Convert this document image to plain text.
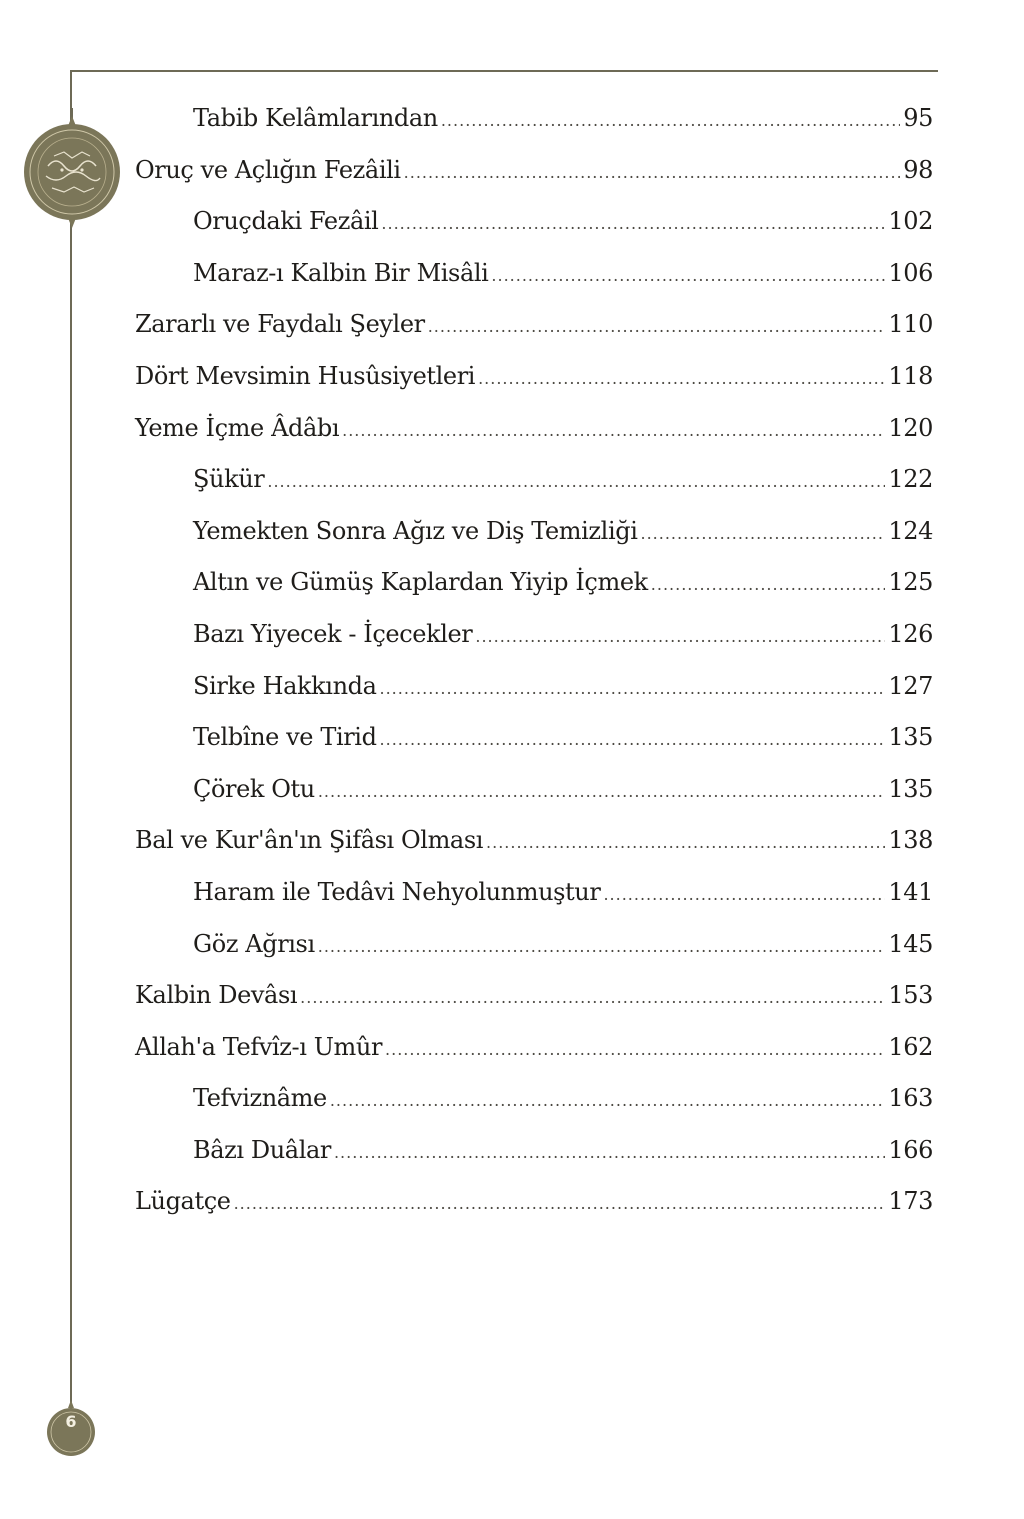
6
Tabib Kelâmlarından .....	95
Oruç ve Açlığın Fezâili .....	98
Oruçdaki Fezâil .....	102
Maraz-ı Kalbin Bir Misâli .....	106
Zararlı ve Faydalı Şeyler .....	110
Dört Mevsimin Husûsiyetleri .....	118
Yeme İçme Âdâbı .....	120
Şükür .....	122
Yemekten Sonra Ağız ve Diş Temizliği .....	124
Altın ve Gümüş Kaplardan Yiyip İçmek .....	125
Bazı Yiyecek - İçecekler .....	126
Sirke Hakkında .....	127
Telbîne ve Tirid .....	135
Çörek Otu .....	135
Bal ve Kur'ân'ın Şifâsı Olması .....	138
Haram ile Tedâvi Nehyolunmuştur .....	141
Göz Ağrısı .....	145
Kalbin Devâsı .....	153
Allah'a Tefvîz-ı Umûr .....	162
Tefviznâme .....	163
Bâzı Duâlar .....	166
Lügatçe .....	173
